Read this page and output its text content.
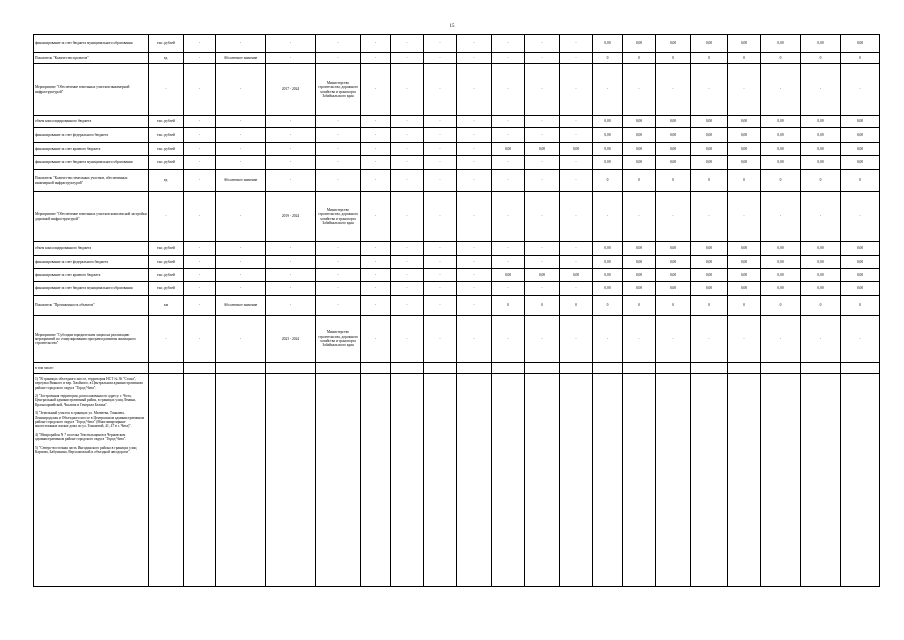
15
финансирование за счет бюджета муниципального образования	тыс. рублей	-	-	-	-	-	-	-	-	-	-	-	0,00	0,00	0,00	0,00	0,00	0,00	0,00	0,00
Показатель "Количество проектов"	ед.	-	Абсолютное значение	-	-	-	-	-	-	-	-	-	0	0	0	0	0	0	0	0
Мероприятие "Обеспечение земельных участков инженерной инфраструктурой"	-	-	-	2017 - 2024	Министерство строительства, дорожного хозяйства и транспорта Забайкальского края	-	-	-	-	-	-	-	-	-	-	-	-	-	-	-
объем консолидированного бюджета	тыс. рублей	-	-	-	-	-	-	-	-	-	-	-	0,00	0,00	0,00	0,00	0,00	0,00	0,00	0,00
финансирование за счет федерального бюджета	тыс. рублей	-	-	-	-	-	-	-	-	-	-	-	0,00	0,00	0,00	0,00	0,00	0,00	0,00	0,00
финансирование за счет краевого бюджета	тыс. рублей	-	-	-	-	-	-	-	-	0,00	0,00	0,00	0,00	0,00	0,00	0,00	0,00	0,00	0,00	0,00
финансирование за счет бюджета муниципального образования	тыс. рублей	-	-	-	-	-	-	-	-	-	-	-	0,00	0,00	0,00	0,00	0,00	0,00	0,00	0,00
Показатель "Количество земельных участков, обеспеченных инженерной инфраструктурой"	ед.	-	Абсолютное значение	-	-	-	-	-	-	-	-	-	0	0	0	0	0	0	0	0
Мероприятие "Обеспечение земельных участков комплексной застройки дорожной инфраструктурой"	-	-	-	2019 - 2024	Министерство строительства, дорожного хозяйства и транспорта Забайкальского края	-	-	-	-	-	-	-	-	-	-	-	-	-	-	-
объем консолидированного бюджета	тыс. рублей	-	-	-	-	-	-	-	-	-	-	-	0,00	0,00	0,00	0,00	0,00	0,00	0,00	0,00
финансирование за счет федерального бюджета	тыс. рублей	-	-	-	-	-	-	-	-	-	-	-	0,00	0,00	0,00	0,00	0,00	0,00	0,00	0,00
финансирование за счет краевого бюджета	тыс. рублей	-	-	-	-	-	-	-	-	0,00	0,00	0,00	0,00	0,00	0,00	0,00	0,00	0,00	0,00	0,00
финансирование за счет бюджета муниципального образования	тыс. рублей	-	-	-	-	-	-	-	-	-	-	-	0,00	0,00	0,00	0,00	0,00	0,00	0,00	0,00
Показатель "Протяженность объектов"	км	-	Абсолютное значение	-	-	-	-	-	-	0	0	0	0	0	0	0	0	0	0	0
Мероприятие "Субсидии юридическим лицам на реализацию мероприятий по стимулированию программ развития жилищного строительства"	-	-	-	2023 - 2024	Министерство строительства, дорожного хозяйства и транспорта Забайкальского края	-	-	-	-	-	-	-	-	-	-	-	-	-	-	-
в том числе:																				
1) "В границах объездного шоссе, территория НСТ № 36 "Сосна", переулка Ряжного и вер. Хвойного, в Центральном административном районе городского округа "Город Чита".

2) "Застроенная территория, расположенная по адресу: г. Чита, Центральный административный район, в границах улиц Ленина, Красноармейской, Чкалова и Генерала Белика".

3) "Земельный участок в границах ул. Матвеева, Тонкаева, Ленинградская и Объездного шоссе в Центральном административном районе городского округа "Город Чита" (Многоквартирные многоэтажные жилые дома по ул. Тонкаевой, 41, 47 в г. Чита)".

4) "Микрорайон N 7 поселка Текстильщиков в Черновском административном районе городского округа "Город Чита".

5) "Северо-восточная часть Ингодинского района в границах улиц Карпова, Бабушкина, Верхолимской и объездной автодороги".																				
